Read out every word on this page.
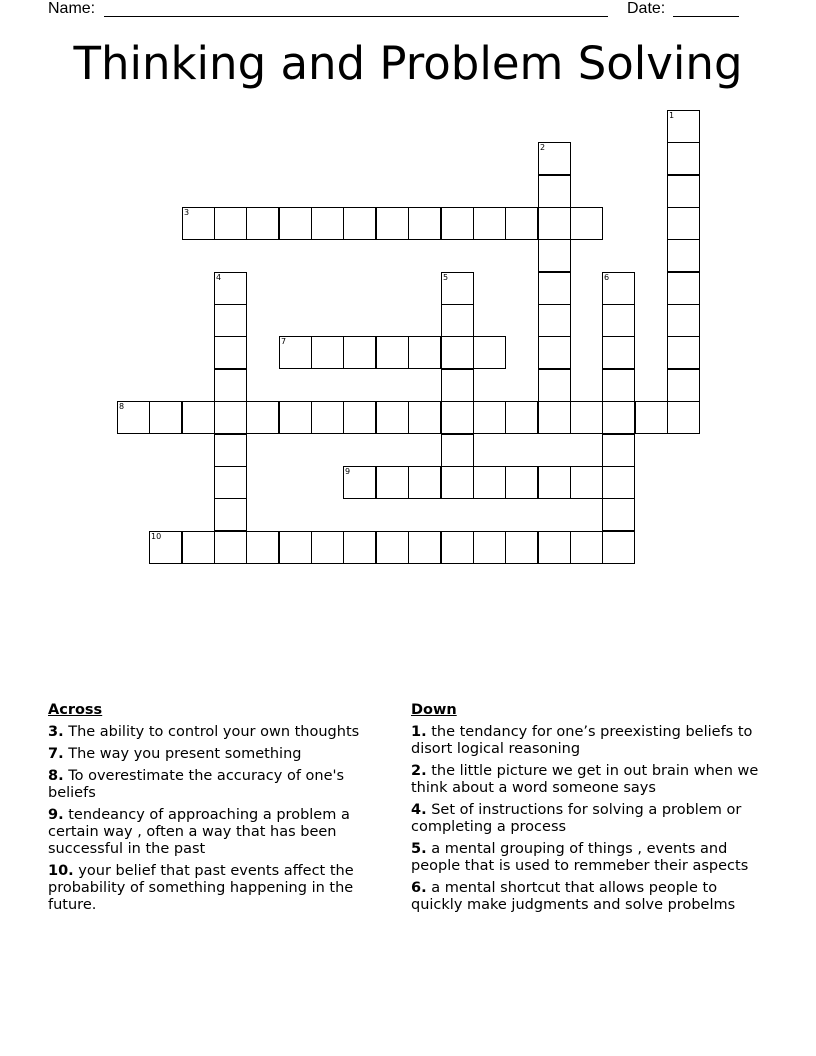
Name:	Date:
Thinking and Problem Solving
1
2
3
4	5	6
7
8
9
10
Across
3. The ability to control your own thoughts
7. The way you present something
8. To overestimate the accuracy of one's beliefs
9. tendeancy of approaching a problem a certain way , often a way that has been successful in the past
10. your belief that past events affect the probability of something happening in the future.
Down
1. the tendancy for one’s preexisting beliefs to disort logical reasoning
2. the little picture we get in out brain when we think about a word someone says
4. Set of instructions for solving a problem or completing a process
5. a mental grouping of things , events and people that is used to remmeber their aspects
6. a mental shortcut that allows people to quickly make judgments and solve probelms
